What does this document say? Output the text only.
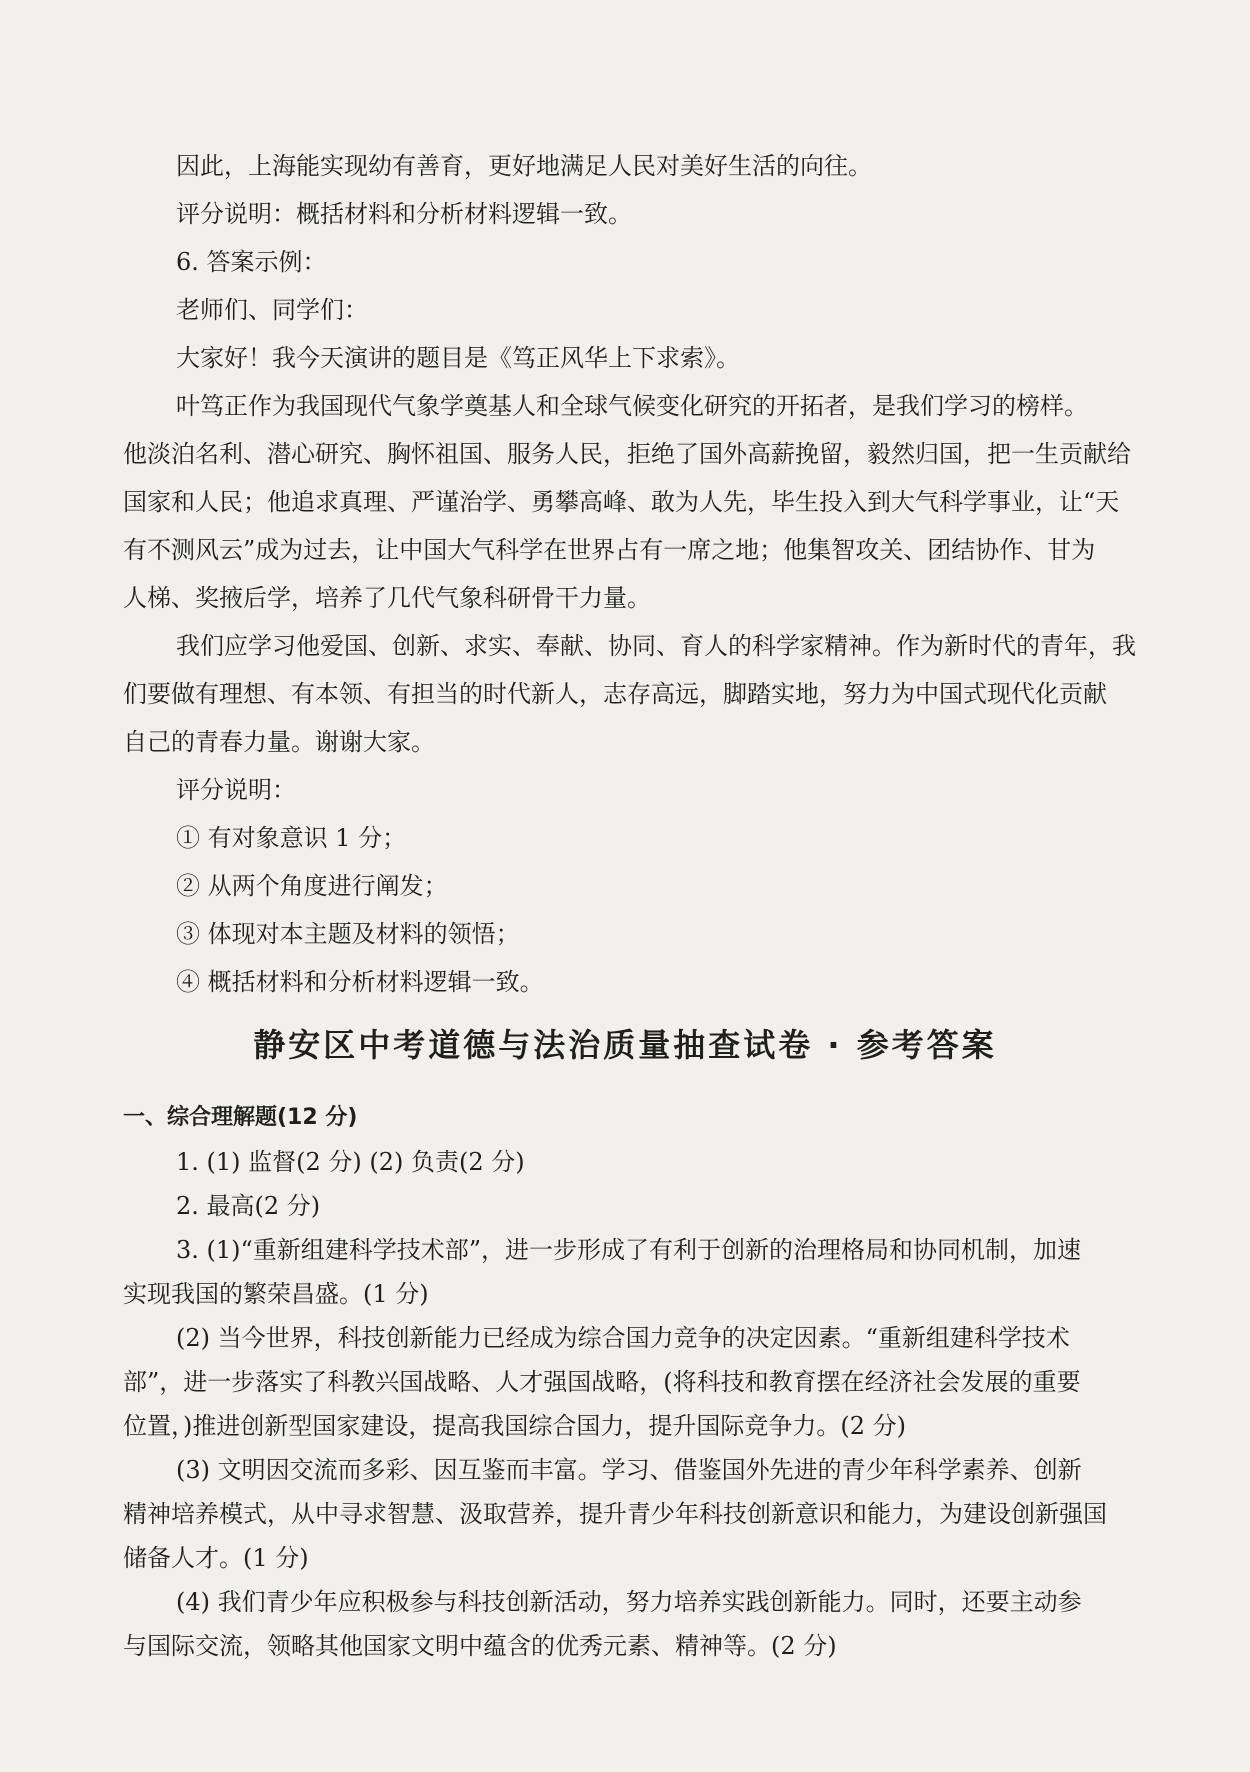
因此，上海能实现幼有善育，更好地满足人民对美好生活的向往。
评分说明：概括材料和分析材料逻辑一致。
6. 答案示例：
老师们、同学们：
大家好！我今天演讲的题目是《笃正风华上下求索》。
叶笃正作为我国现代气象学奠基人和全球气候变化研究的开拓者，是我们学习的榜样。
他淡泊名利、潜心研究、胸怀祖国、服务人民，拒绝了国外高薪挽留，毅然归国，把一生贡献给
国家和人民；他追求真理、严谨治学、勇攀高峰、敢为人先，毕生投入到大气科学事业，让“天
有不测风云”成为过去，让中国大气科学在世界占有一席之地；他集智攻关、团结协作、甘为
人梯、奖掖后学，培养了几代气象科研骨干力量。
我们应学习他爱国、创新、求实、奉献、协同、育人的科学家精神。作为新时代的青年，我
们要做有理想、有本领、有担当的时代新人，志存高远，脚踏实地，努力为中国式现代化贡献
自己的青春力量。谢谢大家。
评分说明：
① 有对象意识 1 分；
② 从两个角度进行阐发；
③ 体现对本主题及材料的领悟；
④ 概括材料和分析材料逻辑一致。
静安区中考道德与法治质量抽查试卷 · 参考答案
一、综合理解题(12 分)
1. (1) 监督(2 分) (2) 负责(2 分)
2. 最高(2 分)
3. (1)“重新组建科学技术部”，进一步形成了有利于创新的治理格局和协同机制，加速
实现我国的繁荣昌盛。(1 分)
(2) 当今世界，科技创新能力已经成为综合国力竞争的决定因素。“重新组建科学技术
部”，进一步落实了科教兴国战略、人才强国战略，(将科技和教育摆在经济社会发展的重要
位置，)推进创新型国家建设，提高我国综合国力，提升国际竞争力。(2 分)
(3) 文明因交流而多彩、因互鉴而丰富。学习、借鉴国外先进的青少年科学素养、创新
精神培养模式，从中寻求智慧、汲取营养，提升青少年科技创新意识和能力，为建设创新强国
储备人才。(1 分)
(4) 我们青少年应积极参与科技创新活动，努力培养实践创新能力。同时，还要主动参
与国际交流，领略其他国家文明中蕴含的优秀元素、精神等。(2 分)
